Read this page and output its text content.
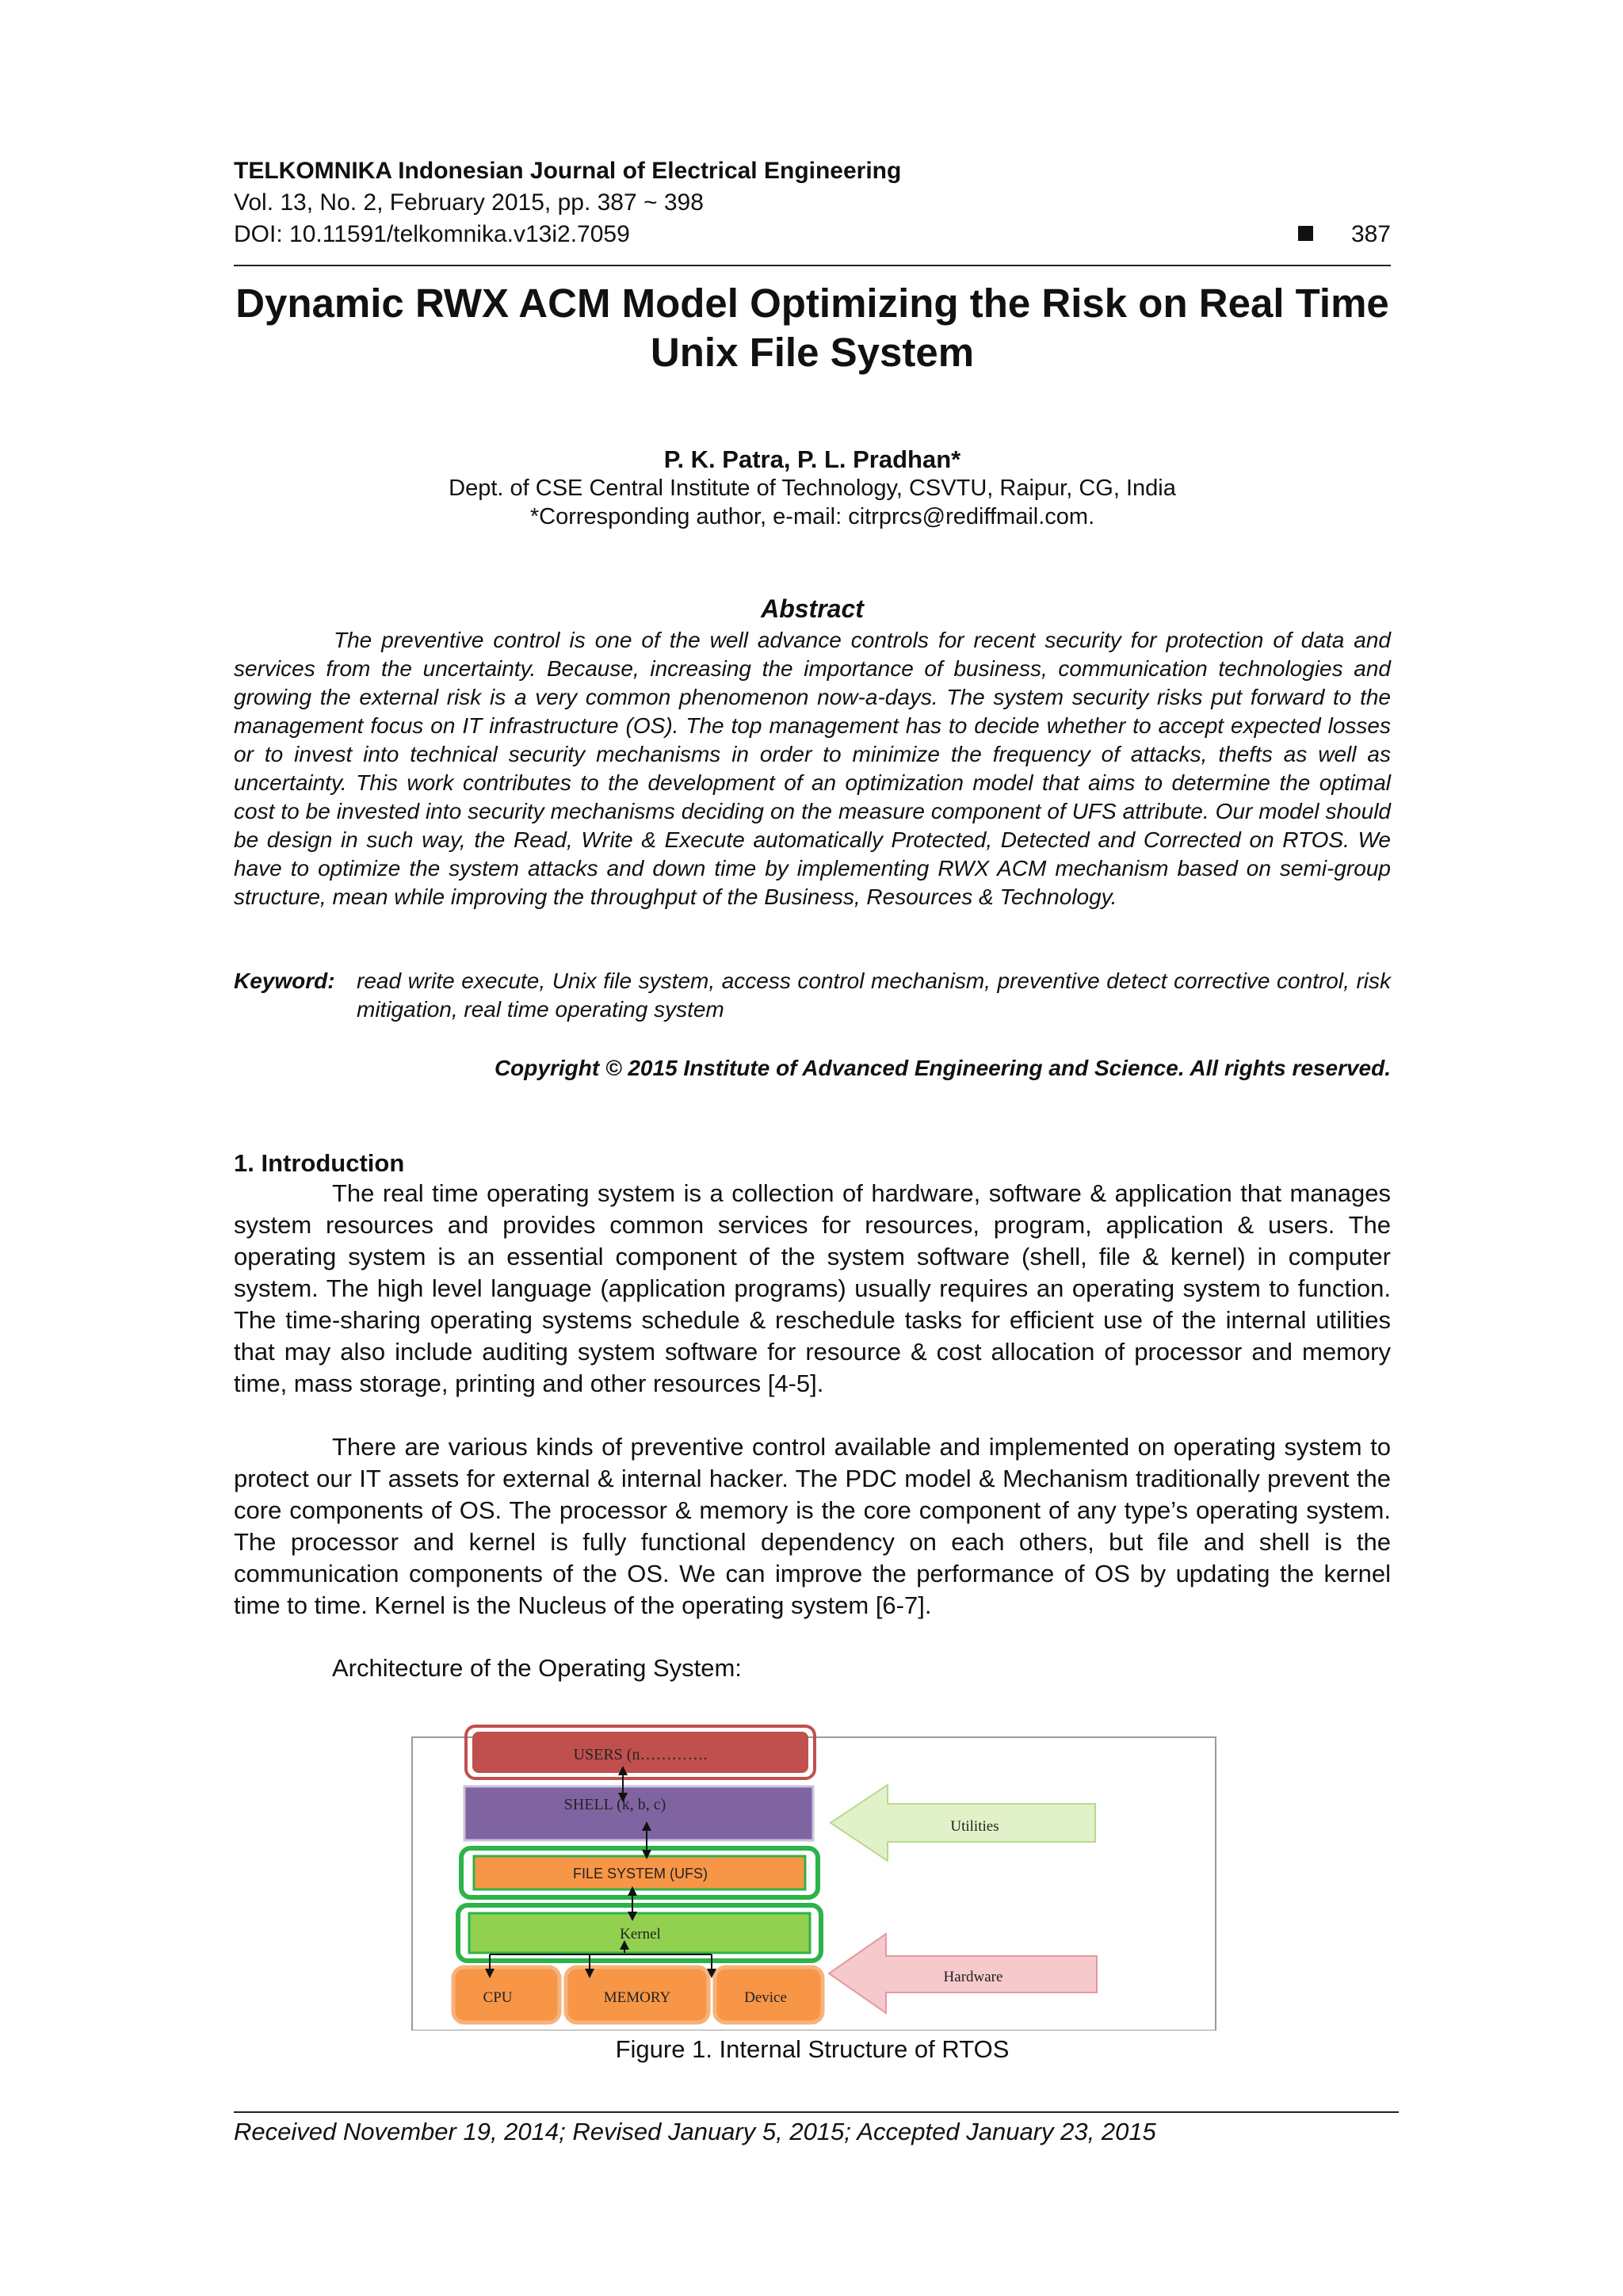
TELKOMNIKA Indonesian Journal of Electrical Engineering
Vol. 13, No. 2, February 2015, pp. 387 ~ 398
DOI: 10.11591/telkomnika.v13i2.7059	387
Dynamic RWX ACM Model Optimizing the Risk on Real Time Unix File System
P. K. Patra, P. L. Pradhan*
Dept. of CSE Central Institute of Technology, CSVTU, Raipur, CG, India
*Corresponding author, e-mail: citrprcs@rediffmail.com.
Abstract

The preventive control is one of the well advance controls for recent security for protection of data and services from the uncertainty. Because, increasing the importance of business, communication technologies and growing the external risk is a very common phenomenon now-a-days. The system security risks put forward to the management focus on IT infrastructure (OS). The top management has to decide whether to accept expected losses or to invest into technical security mechanisms in order to minimize the frequency of attacks, thefts as well as uncertainty. This work contributes to the development of an optimization model that aims to determine the optimal cost to be invested into security mechanisms deciding on the measure component of UFS attribute. Our model should be design in such way, the Read, Write & Execute automatically Protected, Detected and Corrected on RTOS. We have to optimize the system attacks and down time by implementing RWX ACM mechanism based on semi-group structure, mean while improving the throughput of the Business, Resources & Technology.

Keyword: read write execute, Unix file system, access control mechanism, preventive detect corrective control, risk mitigation, real time operating system
Copyright © 2015 Institute of Advanced Engineering and Science. All rights reserved.
1. Introduction

The real time operating system is a collection of hardware, software & application that manages system resources and provides common services for resources, program, application & users. The operating system is an essential component of the system software (shell, file & kernel) in computer system. The high level language (application programs) usually requires an operating system to function. The time-sharing operating systems schedule & reschedule tasks for efficient use of the internal utilities that may also include auditing system software for resource & cost allocation of processor and memory time, mass storage, printing and other resources [4-5].

There are various kinds of preventive control available and implemented on operating system to protect our IT assets for external & internal hacker. The PDC model & Mechanism traditionally prevent the core components of OS. The processor & memory is the core component of any type’s operating system. The processor and kernel is fully functional dependency on each others, but file and shell is the communication components of the OS. We can improve the performance of OS by updating the kernel time to time. Kernel is the Nucleus of the operating system [6-7].

Architecture of the Operating System:

USERS (n………….
SHELL (k, b, c)
FILE SYSTEM (UFS)
Kernel
CPU	MEMORY	Device
Utilities
Hardware
Figure 1. Internal Structure of RTOS
Received November 19, 2014; Revised January 5, 2015; Accepted January 23, 2015
